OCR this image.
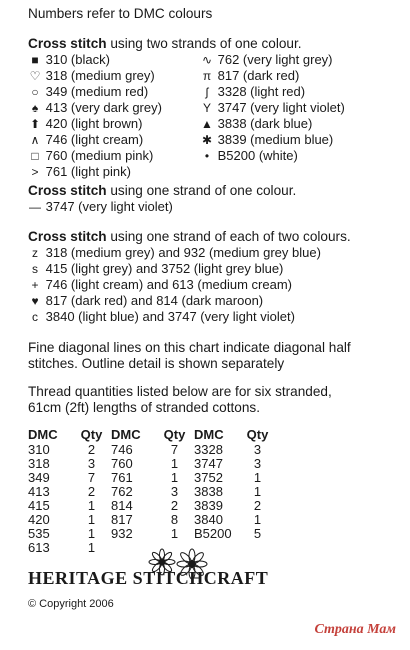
Numbers refer to DMC colours
Cross stitch using two strands of one colour.
■ 310 (black)
♡ 318 (medium grey)
○ 349 (medium red)
♠ 413 (very dark grey)
⬆ 420 (light brown)
∧ 746 (light cream)
□ 760 (medium pink)
> 761 (light pink)
∿ 762 (very light grey)
π 817 (dark red)
ʃ 3328 (light red)
Y 3747 (very light violet)
▲ 3838 (dark blue)
✱ 3839 (medium blue)
• B5200 (white)
Cross stitch using one strand of one colour.
— 3747 (very light violet)
Cross stitch using one strand of each of two colours.
z 318 (medium grey) and 932 (medium grey blue)
s 415 (light grey) and 3752 (light grey blue)
+ 746 (light cream) and 613 (medium cream)
♥ 817 (dark red) and 814 (dark maroon)
c 3840 (light blue) and 3747 (very light violet)
Fine diagonal lines on this chart indicate diagonal half
stitches. Outline detail is shown separately
Thread quantities listed below are for six stranded,
61cm (2ft) lengths of stranded cottons.
DMC	Qty		DMC	Qty		DMC	Qty
310	2		746	7		3328	3
318	3		760	1		3747	3
349	7		761	1		3752	1
413	2		762	3		3838	1
415	1		814	2		3839	2
420	1		817	8		3840	1
535	1		932	1		B5200	5
613	1						
HERITAGE STITCHCRAFT
© Copyright 2006
Страна Мам
